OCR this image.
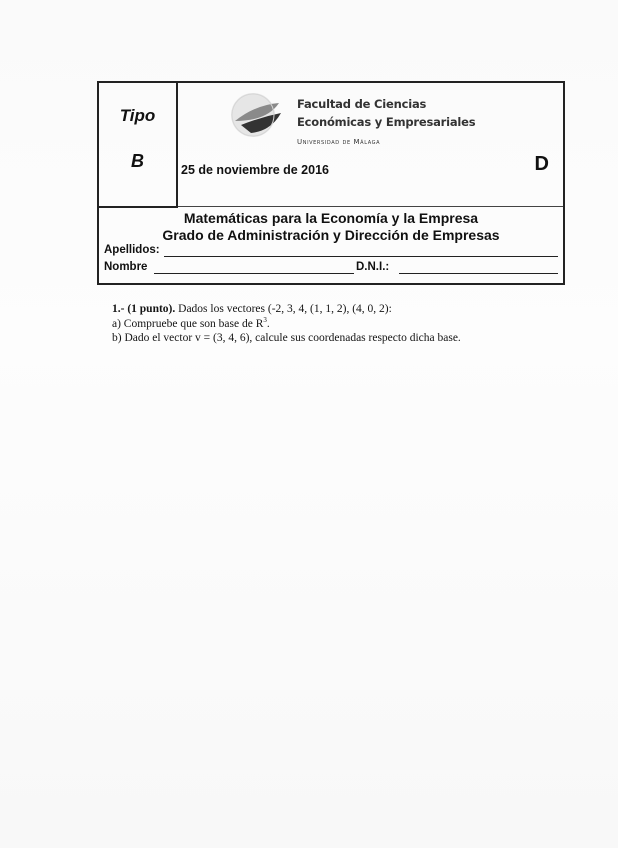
Tipo
B
Facultad de Ciencias
Económicas y Empresariales
Universidad de Málaga
25 de noviembre de 2016	D
Matemáticas para la Economía y la Empresa
Grado de Administración y Dirección de Empresas
Apellidos:
Nombre	D.N.I.:

1.- (1 punto). Dados los vectores (-2, 3, 4, (1, 1, 2), (4, 0, 2):

a) Compruebe que son base de $R^3$.

b) Dado el vector v = (3, 4, 6), calcule sus coordenadas respecto dicha base.
